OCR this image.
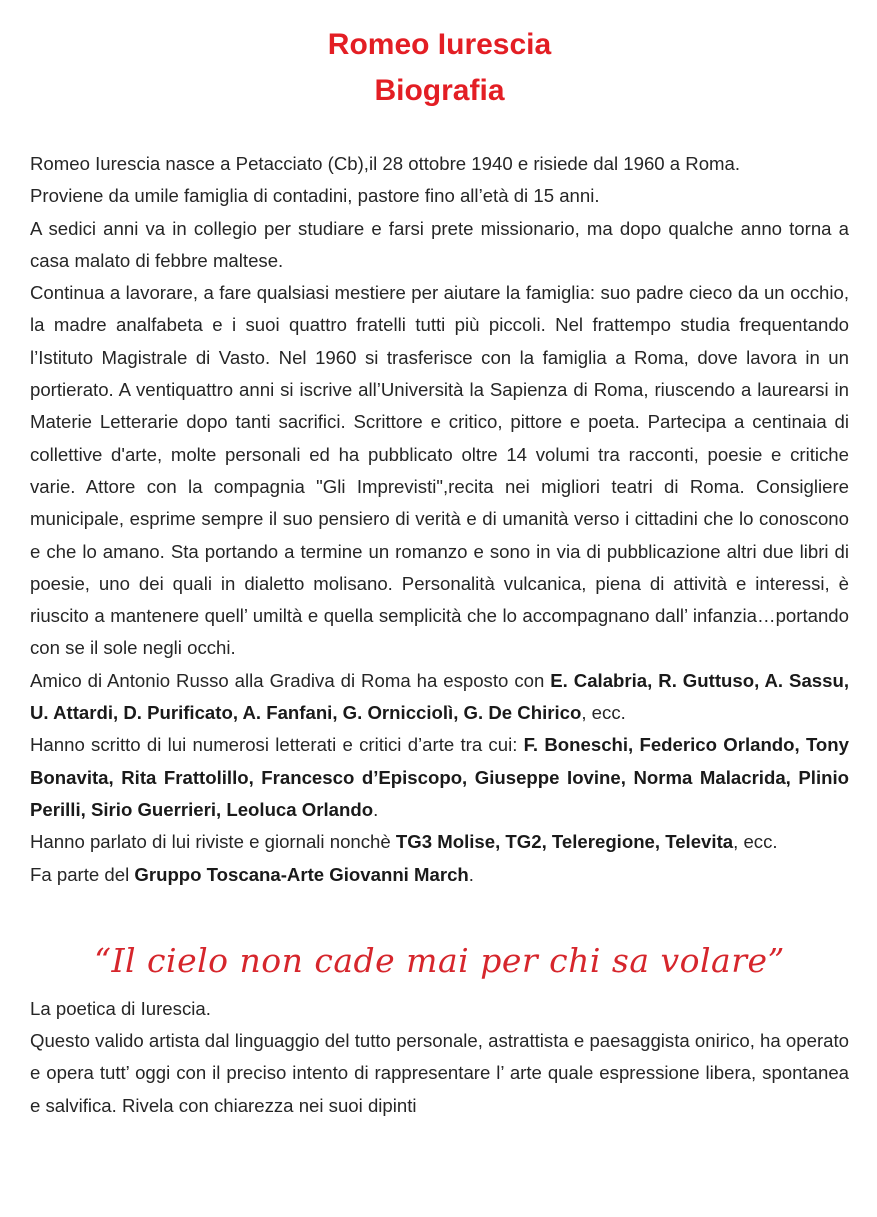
Romeo Iurescia
Biografia

Romeo Iurescia nasce a Petacciato (Cb),il 28 ottobre 1940 e risiede dal 1960 a Roma.

Proviene da umile famiglia di contadini, pastore fino all’età di 15 anni.

A sedici anni va in collegio per studiare e farsi prete missionario, ma dopo qualche anno torna a casa malato di febbre maltese.

Continua a lavorare, a fare qualsiasi mestiere per aiutare la famiglia: suo padre cieco da un occhio, la madre analfabeta e i suoi quattro fratelli tutti più piccoli. Nel frattempo studia frequentando l’Istituto Magistrale di Vasto. Nel 1960 si trasferisce con la famiglia a Roma, dove lavora in un portierato. A ventiquattro anni si iscrive all’Università la Sapienza di Roma, riuscendo a laurearsi in Materie Letterarie dopo tanti sacrifici. Scrittore e critico, pittore e poeta. Partecipa a centinaia di collettive d'arte, molte personali ed ha pubblicato oltre 14 volumi tra racconti, poesie e critiche varie. Attore con la compagnia "Gli Imprevisti",recita nei migliori teatri di Roma. Consigliere municipale, esprime sempre il suo pensiero di verità e di umanità verso i cittadini che lo conoscono e che lo amano. Sta portando a termine un romanzo e sono in via di pubblicazione altri due libri di poesie, uno dei quali in dialetto molisano. Personalità vulcanica, piena di attività e interessi, è riuscito a mantenere quell’ umiltà e quella semplicità che lo accompagnano dall’ infanzia…portando con se il sole negli occhi.

Amico di Antonio Russo alla Gradiva di Roma ha esposto con E. Calabria, R. Guttuso, A. Sassu, U. Attardi, D. Purificato, A. Fanfani, G. Ornicciolì, G. De Chirico, ecc.

Hanno scritto di lui numerosi letterati e critici d’arte tra cui: F. Boneschi, Federico Orlando, Tony Bonavita, Rita Frattolillo, Francesco d’Episcopo, Giuseppe Iovine, Norma Malacrida, Plinio Perilli, Sirio Guerrieri, Leoluca Orlando.

Hanno parlato di lui riviste e giornali nonchè TG3 Molise, TG2, Teleregione, Televita, ecc.

Fa parte del Gruppo Toscana-Arte Giovanni March.

“Il cielo non cade mai per chi sa volare”

La poetica di Iurescia.

Questo valido artista dal linguaggio del tutto personale, astrattista e paesaggista onirico, ha operato e opera tutt’ oggi con il preciso intento di rappresentare l’ arte quale espressione libera, spontanea e salvifica. Rivela con chiarezza nei suoi dipinti
